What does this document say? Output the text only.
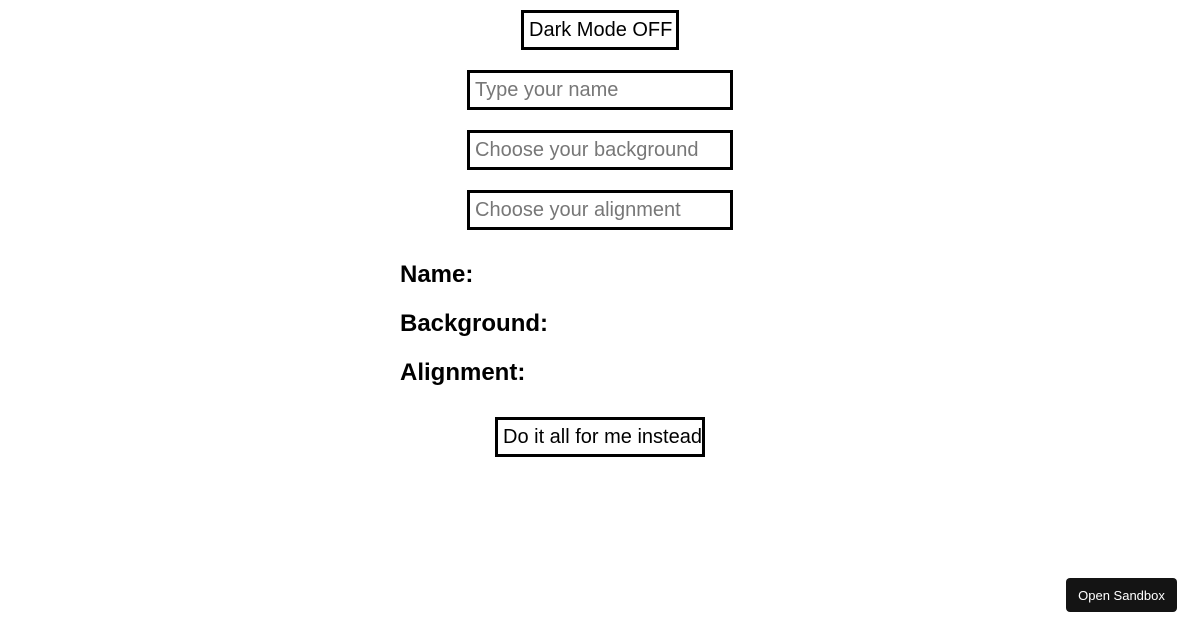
Dark Mode OFF
Type your name
Choose your background
Choose your alignment
Name:
Background:
Alignment:
Do it all for me instead
Open Sandbox
